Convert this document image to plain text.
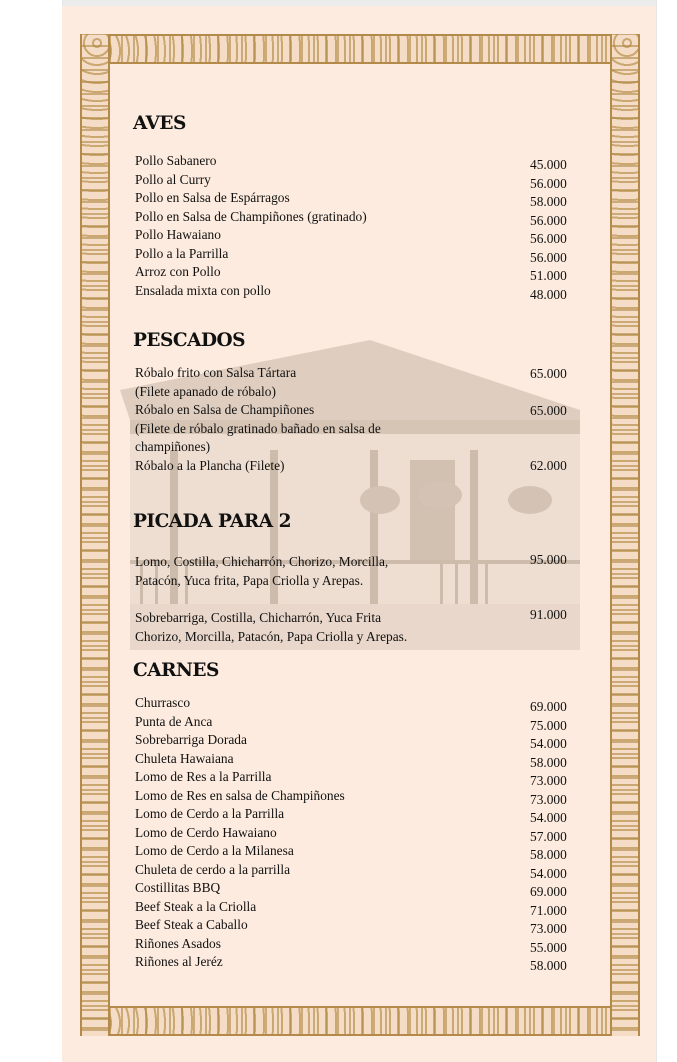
AVES
Pollo Sabanero
Pollo al Curry
Pollo en Salsa de Espárragos
Pollo en Salsa de Champiñones (gratinado)
Pollo Hawaiano
Pollo a la Parrilla
Arroz con Pollo
Ensalada mixta con pollo
45.000
56.000
58.000
56.000
56.000
56.000
51.000
48.000
PESCADOS
Róbalo frito con Salsa Tártara
(Filete apanado de róbalo)
Róbalo en Salsa de Champiñones
(Filete de róbalo gratinado bañado en salsa de
champiñones)
Róbalo a la Plancha (Filete)
65.000
65.000
62.000
PICADA PARA 2
Lomo, Costilla, Chicharrón, Chorizo, Morcilla,
Patacón, Yuca frita, Papa Criolla y Arepas.
95.000
Sobrebarriga, Costilla, Chicharrón, Yuca Frita
Chorizo, Morcilla, Patacón, Papa Criolla y Arepas.
91.000
CARNES
Churrasco
Punta de Anca
Sobrebarriga Dorada
Chuleta Hawaiana
Lomo de Res a la Parrilla
Lomo de Res en salsa de Champiñones
Lomo de Cerdo a la Parrilla
Lomo de Cerdo Hawaiano
Lomo de Cerdo a la Milanesa
Chuleta de cerdo a la parrilla
Costillitas BBQ
Beef Steak a la Criolla
Beef Steak a Caballo
Riñones Asados
Riñones al Jeréz
69.000
75.000
54.000
58.000
73.000
73.000
54.000
57.000
58.000
54.000
69.000
71.000
73.000
55.000
58.000
